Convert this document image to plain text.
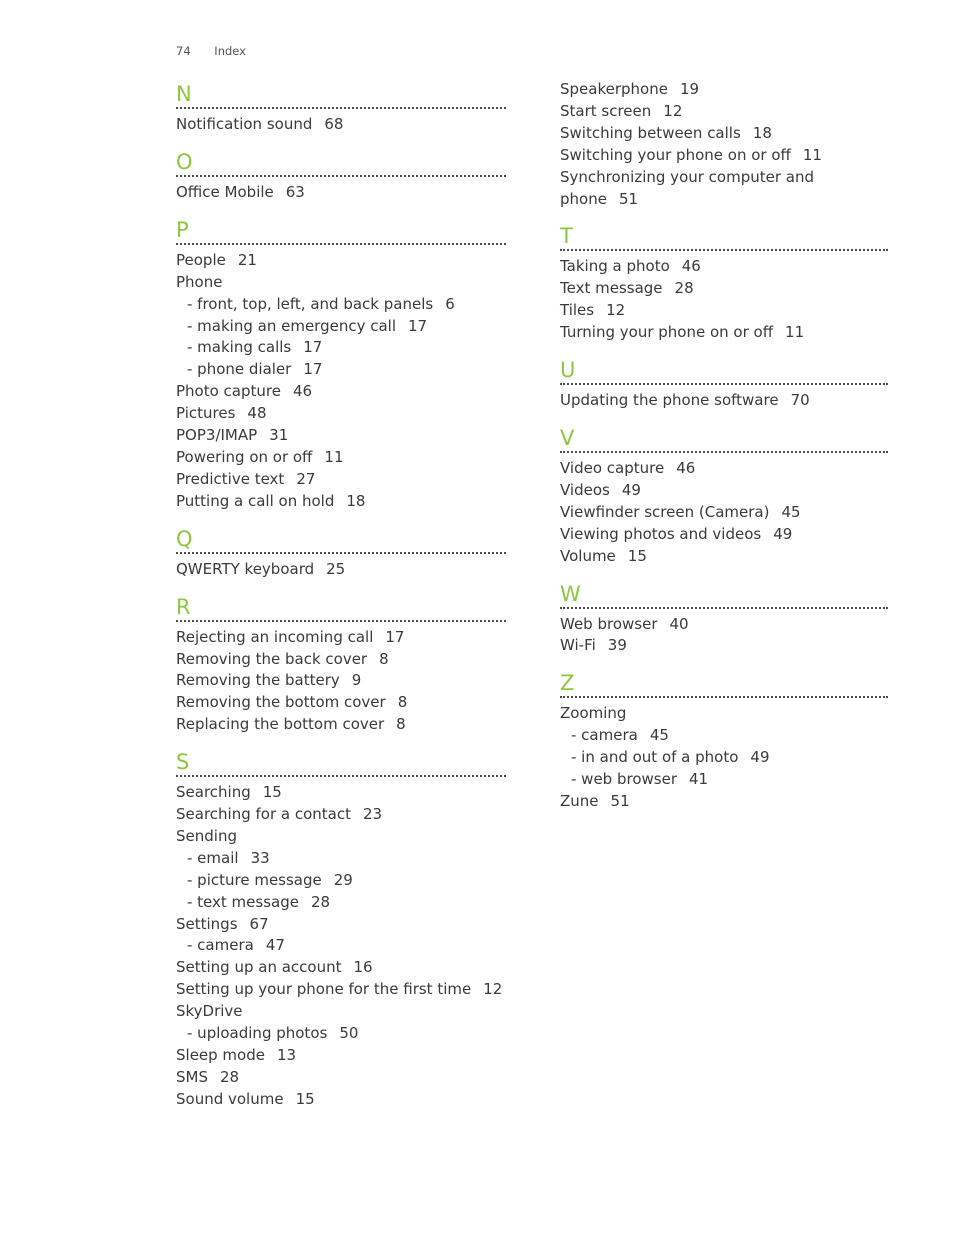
74 Index
N
Notification sound 68
O
Office Mobile 63
P
People 21
Phone
- front, top, left, and back panels 6
- making an emergency call 17
- making calls 17
- phone dialer 17
Photo capture 46
Pictures 48
POP3/IMAP 31
Powering on or off 11
Predictive text 27
Putting a call on hold 18
Q
QWERTY keyboard 25
R
Rejecting an incoming call 17
Removing the back cover 8
Removing the battery 9
Removing the bottom cover 8
Replacing the bottom cover 8
S
Searching 15
Searching for a contact 23
Sending
- email 33
- picture message 29
- text message 28
Settings 67
- camera 47
Setting up an account 16
Setting up your phone for the first time 12
SkyDrive
- uploading photos 50
Sleep mode 13
SMS 28
Sound volume 15
Speakerphone 19
Start screen 12
Switching between calls 18
Switching your phone on or off 11
Synchronizing your computer and phone 51
T
Taking a photo 46
Text message 28
Tiles 12
Turning your phone on or off 11
U
Updating the phone software 70
V
Video capture 46
Videos 49
Viewfinder screen (Camera) 45
Viewing photos and videos 49
Volume 15
W
Web browser 40
Wi-Fi 39
Z
Zooming
- camera 45
- in and out of a photo 49
- web browser 41
Zune 51
